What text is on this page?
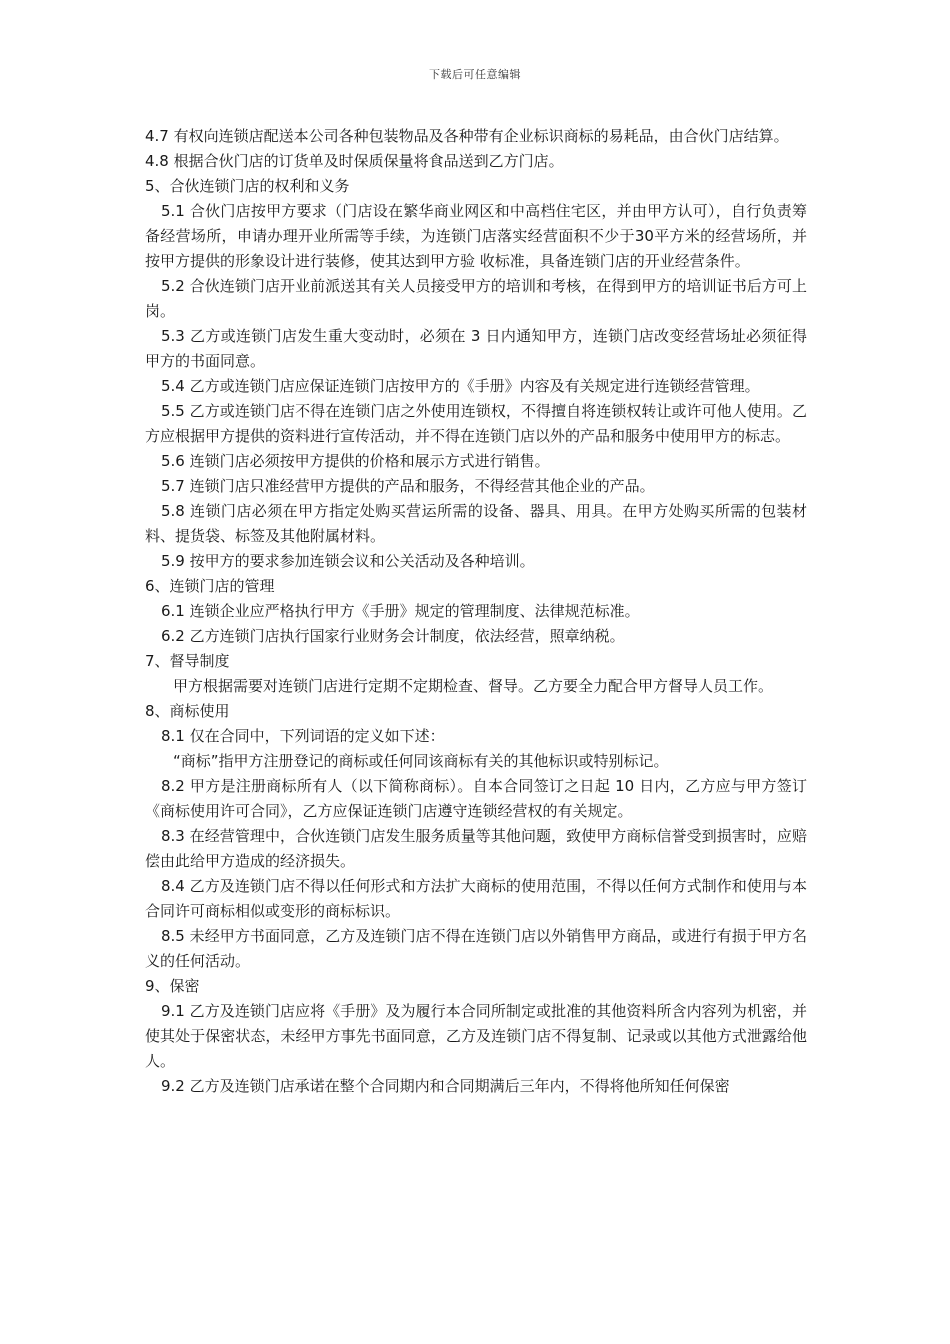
下载后可任意编辑

4.7 有权向连锁店配送本公司各种包装物品及各种带有企业标识商标的易耗品，由合伙门店结算。

4.8 根据合伙门店的订货单及时保质保量将食品送到乙方门店。

5、合伙连锁门店的权利和义务

5.1 合伙门店按甲方要求（门店设在繁华商业网区和中高档住宅区，并由甲方认可），自行负责筹备经营场所，申请办理开业所需等手续，为连锁门店落实经营面积不少于30平方米的经营场所，并按甲方提供的形象设计进行装修，使其达到甲方验 收标准，具备连锁门店的开业经营条件。

5.2 合伙连锁门店开业前派送其有关人员接受甲方的培训和考核，在得到甲方的培训证书后方可上岗。

5.3 乙方或连锁门店发生重大变动时，必须在 3 日内通知甲方，连锁门店改变经营场址必须征得甲方的书面同意。

5.4 乙方或连锁门店应保证连锁门店按甲方的《手册》内容及有关规定进行连锁经营管理。

5.5 乙方或连锁门店不得在连锁门店之外使用连锁权，不得擅自将连锁权转让或许可他人使用。乙方应根据甲方提供的资料进行宣传活动，并不得在连锁门店以外的产品和服务中使用甲方的标志。

5.6 连锁门店必须按甲方提供的价格和展示方式进行销售。

5.7 连锁门店只准经营甲方提供的产品和服务，不得经营其他企业的产品。

5.8 连锁门店必须在甲方指定处购买营运所需的设备、器具、用具。在甲方处购买所需的包装材料、提货袋、标签及其他附属材料。

5.9 按甲方的要求参加连锁会议和公关活动及各种培训。

6、连锁门店的管理

6.1 连锁企业应严格执行甲方《手册》规定的管理制度、法律规范标准。

6.2 乙方连锁门店执行国家行业财务会计制度，依法经营，照章纳税。

7、督导制度

甲方根据需要对连锁门店进行定期不定期检查、督导。乙方要全力配合甲方督导人员工作。

8、商标使用

8.1 仅在合同中，下列词语的定义如下述：

“商标”指甲方注册登记的商标或任何同该商标有关的其他标识或特别标记。

8.2 甲方是注册商标所有人（以下简称商标）。自本合同签订之日起 10 日内，乙方应与甲方签订《商标使用许可合同》，乙方应保证连锁门店遵守连锁经营权的有关规定。

8.3 在经营管理中，合伙连锁门店发生服务质量等其他问题，致使甲方商标信誉受到损害时，应赔偿由此给甲方造成的经济损失。

8.4 乙方及连锁门店不得以任何形式和方法扩大商标的使用范围，不得以任何方式制作和使用与本合同许可商标相似或变形的商标标识。

8.5 未经甲方书面同意，乙方及连锁门店不得在连锁门店以外销售甲方商品，或进行有损于甲方名义的任何活动。

9、保密

9.1 乙方及连锁门店应将《手册》及为履行本合同所制定或批准的其他资料所含内容列为机密，并使其处于保密状态，未经甲方事先书面同意，乙方及连锁门店不得复制、记录或以其他方式泄露给他人。

9.2 乙方及连锁门店承诺在整个合同期内和合同期满后三年内，不得将他所知任何保密
